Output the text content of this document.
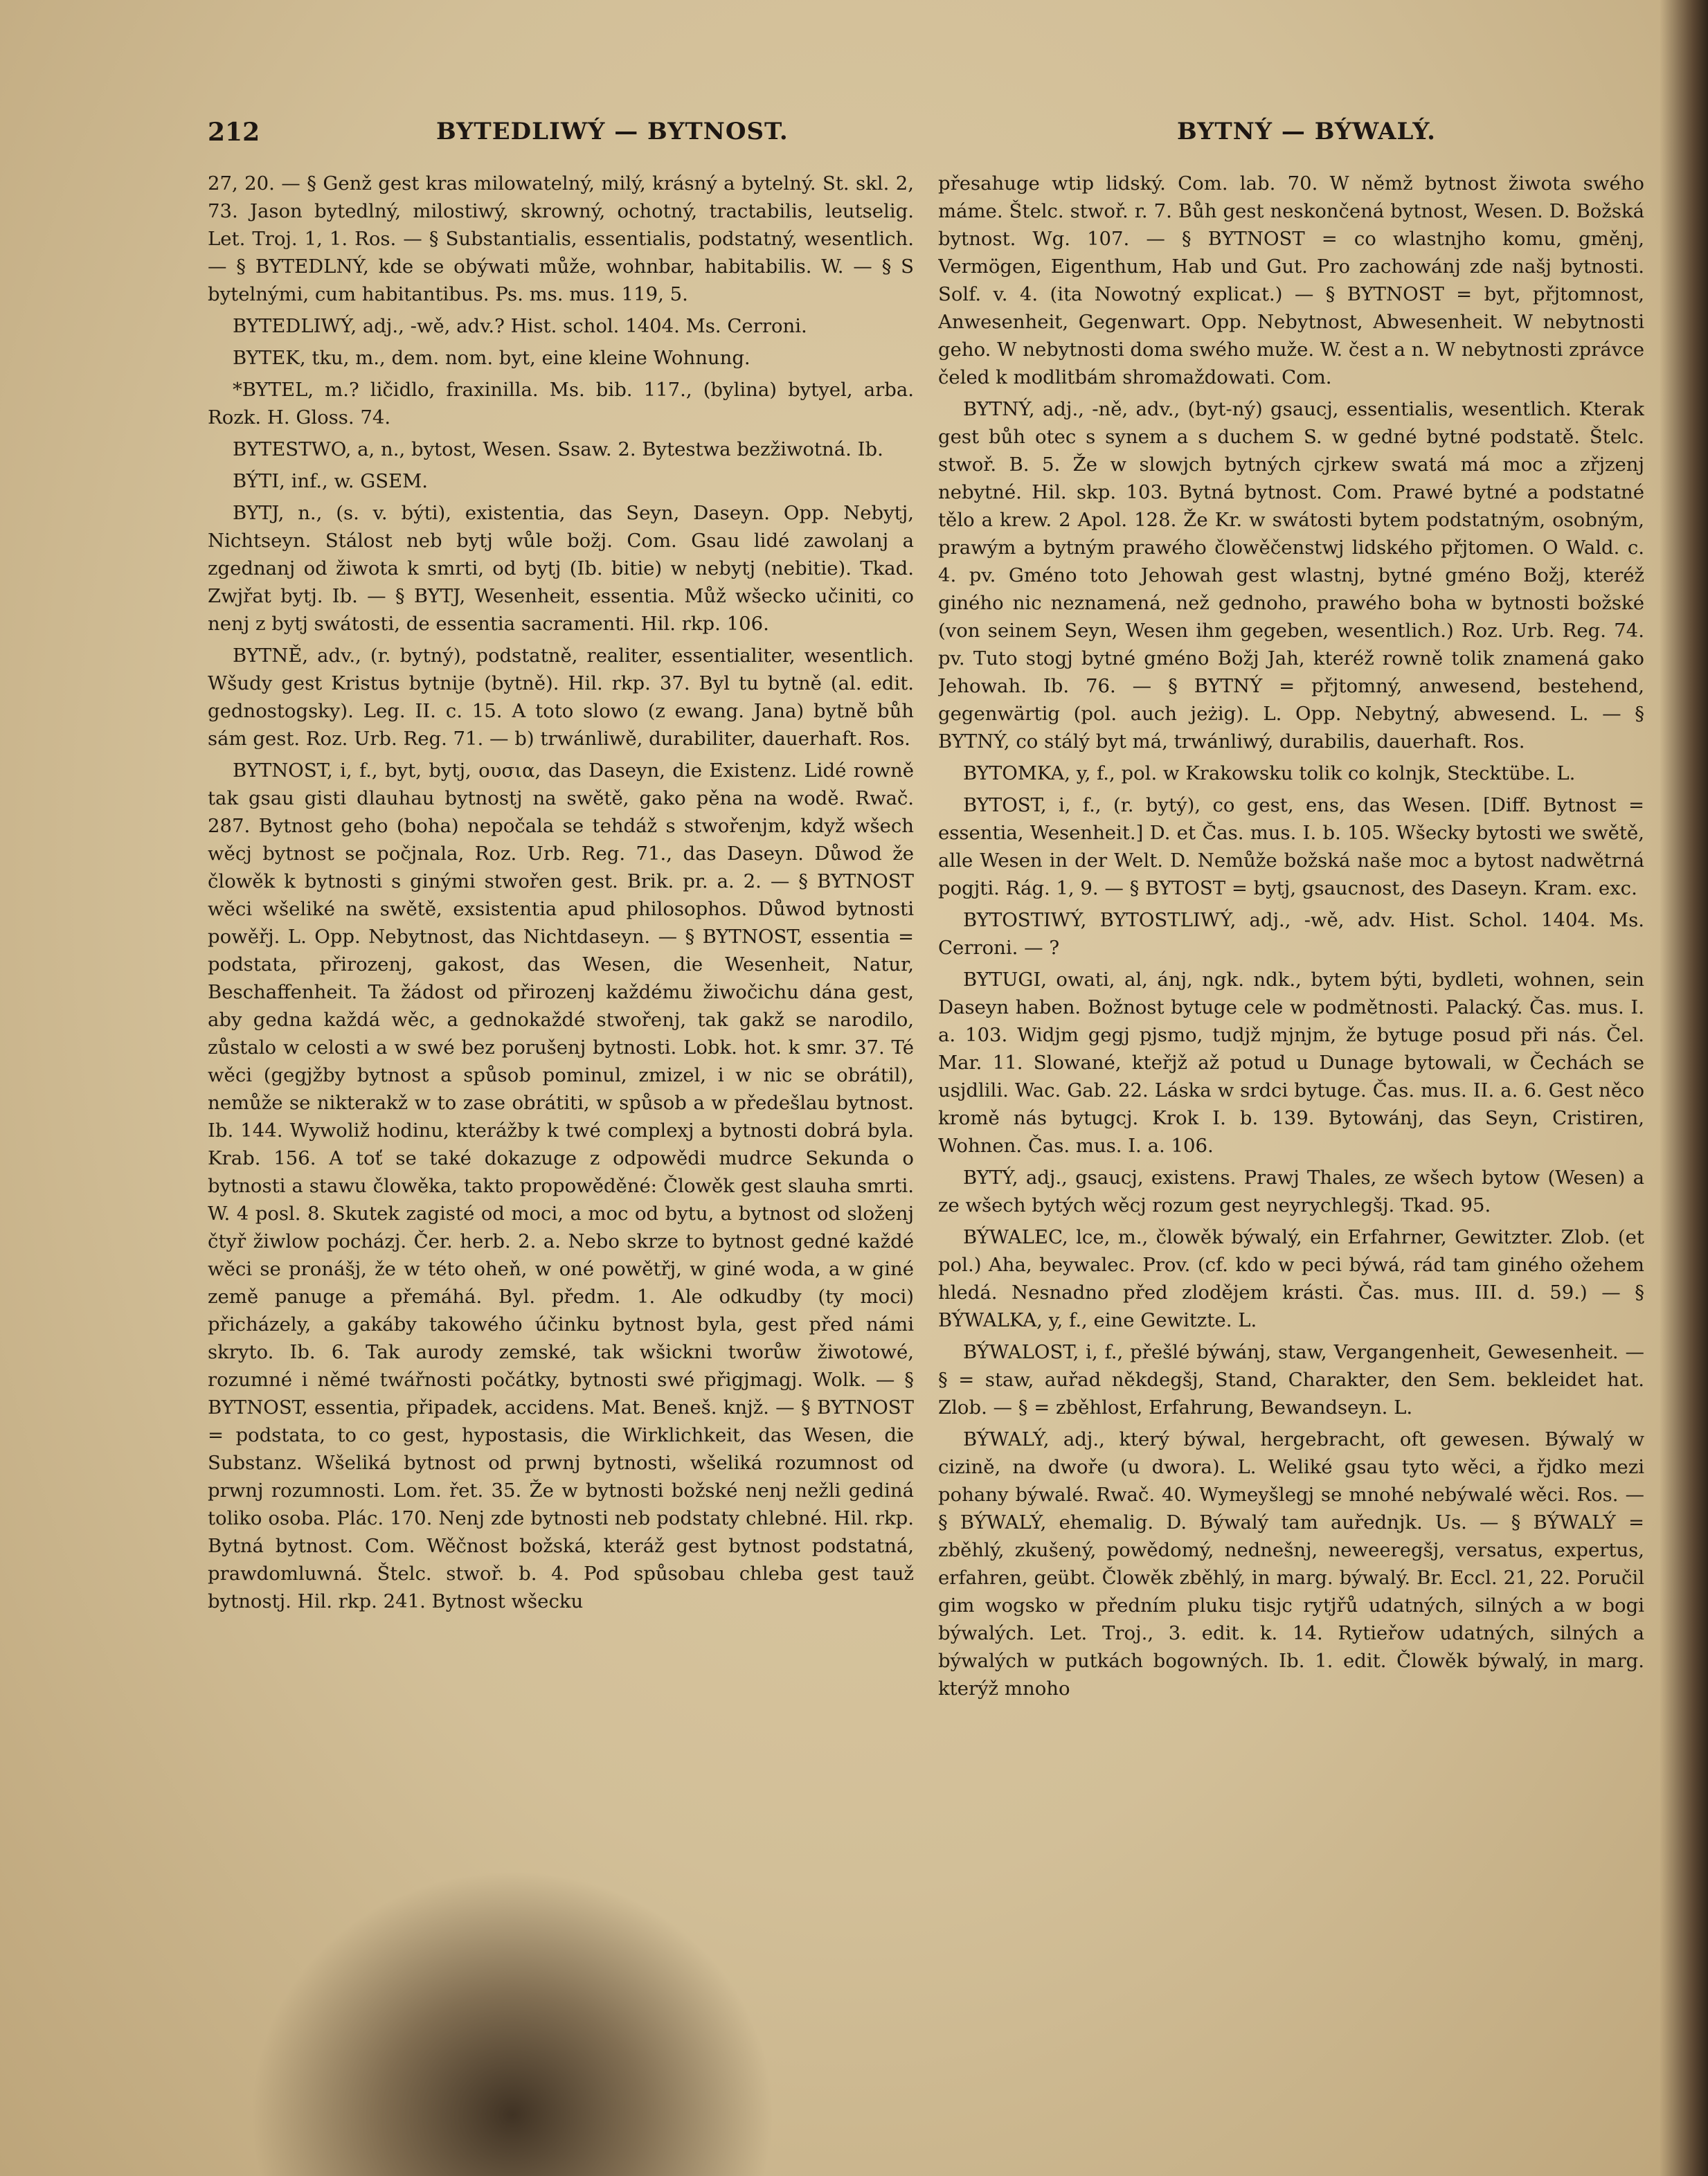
212	BYTEDLIWÝ — BYTNOST.	BYTNÝ — BÝWALÝ.

27, 20. — § Genž gest kras milowatelný, milý, krásný a bytelný. St. skl. 2, 73. Jason bytedlný, milostiwý, skrowný, ochotný, tractabilis, leutselig. Let. Troj. 1, 1. Ros. — § Substantialis, essentialis, podstatný, wesentlich. — § BYTEDLNÝ, kde se obýwati může, wohnbar, habitabilis. W. — § S bytelnými, cum habitantibus. Ps. ms. mus. 119, 5.

BYTEDLIWÝ, adj., -wě, adv.? Hist. schol. 1404. Ms. Cerroni.

BYTEK, tku, m., dem. nom. byt, eine kleine Wohnung.

*BYTEL, m.? ličidlo, fraxinilla. Ms. bib. 117., (bylina) bytyel, arba. Rozk. H. Gloss. 74.

BYTESTWO, a, n., bytost, Wesen. Ssaw. 2. Bytestwa bezžiwotná. Ib.

BÝTI, inf., w. GSEM.

BYTJ, n., (s. v. býti), existentia, das Seyn, Daseyn. Opp. Nebytj, Nichtseyn. Stálost neb bytj wůle božj. Com. Gsau lidé zawolanj a zgednanj od žiwota k smrti, od bytj (Ib. bitie) w nebytj (nebitie). Tkad. Zwjřat bytj. Ib. — § BYTJ, Wesenheit, essentia. Můž wšecko učiniti, co nenj z bytj swátosti, de essentia sacramenti. Hil. rkp. 106.

BYTNĚ, adv., (r. bytný), podstatně, realiter, essentialiter, wesentlich. Wšudy gest Kristus bytnije (bytně). Hil. rkp. 37. Byl tu bytně (al. edit. gednostogsky). Leg. II. c. 15. A toto slowo (z ewang. Jana) bytně bůh sám gest. Roz. Urb. Reg. 71. — b) trwánliwě, durabiliter, dauerhaft. Ros.

BYTNOST, i, f., byt, bytj, ουσια, das Daseyn, die Existenz. Lidé rowně tak gsau gisti dlauhau bytnostj na swětě, gako pěna na wodě. Rwač. 287. Bytnost geho (boha) nepočala se tehdáž s stwořenjm, když wšech wěcj bytnost se počjnala, Roz. Urb. Reg. 71., das Daseyn. Důwod že člowěk k bytnosti s ginými stwořen gest. Brik. pr. a. 2. — § BYTNOST wěci wšeliké na swětě, exsistentia apud philosophos. Důwod bytnosti powěřj. L. Opp. Nebytnost, das Nichtdaseyn. — § BYTNOST, essentia = podstata, přirozenj, gakost, das Wesen, die Wesenheit, Natur, Beschaffenheit. Ta žádost od přirozenj každému žiwočichu dána gest, aby gedna každá wěc, a gednokaždé stwořenj, tak gakž se narodilo, zůstalo w celosti a w swé bez porušenj bytnosti. Lobk. hot. k smr. 37. Té wěci (gegjžby bytnost a spůsob pominul, zmizel, i w nic se obrátil), nemůže se nikterakž w to zase obrátiti, w spůsob a w předešlau bytnost. Ib. 144. Wywoliž hodinu, kterážby k twé complexj a bytnosti dobrá byla. Krab. 156. A toť se také dokazuge z odpowědi mudrce Sekunda o bytnosti a stawu člowěka, takto propowěděné: Člowěk gest slauha smrti. W. 4 posl. 8. Skutek zagisté od moci, a moc od bytu, a bytnost od složenj čtyř žiwlow pocházj. Čer. herb. 2. a. Nebo skrze to bytnost gedné každé wěci se pronášj, že w této oheň, w oné powětřj, w giné woda, a w giné země panuge a přemáhá. Byl. předm. 1. Ale odkudby (ty moci) přicházely, a gakáby takowého účinku bytnost byla, gest před námi skryto. Ib. 6. Tak aurody zemské, tak wšickni tworůw žiwotowé, rozumné i němé twářnosti počátky, bytnosti swé přigjmagj. Wolk. — § BYTNOST, essentia, připadek, accidens. Mat. Beneš. knjž. — § BYTNOST = podstata, to co gest, hypostasis, die Wirklichkeit, das Wesen, die Substanz. Wšeliká bytnost od prwnj bytnosti, wšeliká rozumnost od prwnj rozumnosti. Lom. řet. 35. Že w bytnosti božské nenj nežli gediná toliko osoba. Plác. 170. Nenj zde bytnosti neb podstaty chlebné. Hil. rkp. Bytná bytnost. Com. Wěčnost božská, kteráž gest bytnost podstatná, prawdomluwná. Štelc. stwoř. b. 4. Pod spůsobau chleba gest tauž bytnostj. Hil. rkp. 241. Bytnost wšecku

přesahuge wtip lidský. Com. lab. 70. W němž bytnost žiwota swého máme. Štelc. stwoř. r. 7. Bůh gest neskončená bytnost, Wesen. D. Božská bytnost. Wg. 107. — § BYTNOST = co wlastnjho komu, gměnj, Vermögen, Eigenthum, Hab und Gut. Pro zachowánj zde našj bytnosti. Solf. v. 4. (ita Nowotný explicat.) — § BYTNOST = byt, přjtomnost, Anwesenheit, Gegenwart. Opp. Nebytnost, Abwesenheit. W nebytnosti geho. W nebytnosti doma swého muže. W. čest a n. W nebytnosti zprávce čeled k modlitbám shromaždowati. Com.

BYTNÝ, adj., -ně, adv., (byt-ný) gsaucj, essentialis, wesentlich. Kterak gest bůh otec s synem a s duchem S. w gedné bytné podstatě. Štelc. stwoř. B. 5. Že w slowjch bytných cjrkew swatá má moc a zřjzenj nebytné. Hil. skp. 103. Bytná bytnost. Com. Prawé bytné a podstatné tělo a krew. 2 Apol. 128. Že Kr. w swátosti bytem podstatným, osobným, prawým a bytným prawého člowěčenstwj lidského přjtomen. O Wald. c. 4. pv. Gméno toto Jehowah gest wlastnj, bytné gméno Božj, kteréž giného nic neznamená, než gednoho, prawého boha w bytnosti božské (von seinem Seyn, Wesen ihm gegeben, wesentlich.) Roz. Urb. Reg. 74. pv. Tuto stogj bytné gméno Božj Jah, kteréž rowně tolik znamená gako Jehowah. Ib. 76. — § BYTNÝ = přjtomný, anwesend, bestehend, gegenwärtig (pol. auch jeżig). L. Opp. Nebytný, abwesend. L. — § BYTNÝ, co stálý byt má, trwánliwý, durabilis, dauerhaft. Ros.

BYTOMKA, y, f., pol. w Krakowsku tolik co kolnjk, Stecktübe. L.

BYTOST, i, f., (r. bytý), co gest, ens, das Wesen. [Diff. Bytnost = essentia, Wesenheit.] D. et Čas. mus. I. b. 105. Wšecky bytosti we swětě, alle Wesen in der Welt. D. Nemůže božská naše moc a bytost nadwětrná pogjti. Rág. 1, 9. — § BYTOST = bytj, gsaucnost, des Daseyn. Kram. exc.

BYTOSTIWÝ, BYTOSTLIWÝ, adj., -wě, adv. Hist. Schol. 1404. Ms. Cerroni. — ?

BYTUGI, owati, al, ánj, ngk. ndk., bytem býti, bydleti, wohnen, sein Daseyn haben. Božnost bytuge cele w podmětnosti. Palacký. Čas. mus. I. a. 103. Widjm gegj pjsmo, tudjž mjnjm, že bytuge posud při nás. Čel. Mar. 11. Slowané, kteřjž až potud u Dunage bytowali, w Čechách se usjdlili. Wac. Gab. 22. Láska w srdci bytuge. Čas. mus. II. a. 6. Gest něco kromě nás bytugcj. Krok I. b. 139. Bytowánj, das Seyn, Cristiren, Wohnen. Čas. mus. I. a. 106.

BYTÝ, adj., gsaucj, existens. Prawj Thales, ze wšech bytow (Wesen) a ze wšech bytých wěcj rozum gest neyrychlegšj. Tkad. 95.

BÝWALEC, lce, m., člowěk býwalý, ein Erfahrner, Gewitzter. Zlob. (et pol.) Aha, beywalec. Prov. (cf. kdo w peci býwá, rád tam giného ožehem hledá. Nesnadno před zlodějem krásti. Čas. mus. III. d. 59.) — § BÝWALKA, y, f., eine Gewitzte. L.

BÝWALOST, i, f., přešlé býwánj, staw, Vergangenheit, Gewesenheit. — § = staw, auřad někdegšj, Stand, Charakter, den Sem. bekleidet hat. Zlob. — § = zběhlost, Erfahrung, Bewandseyn. L.

BÝWALÝ, adj., který býwal, hergebracht, oft gewesen. Býwalý w cizině, na dwoře (u dwora). L. Weliké gsau tyto wěci, a řjdko mezi pohany býwalé. Rwač. 40. Wymeyšlegj se mnohé nebýwalé wěci. Ros. — § BÝWALÝ, ehemalig. D. Býwalý tam auřednjk. Us. — § BÝWALÝ = zběhlý, zkušený, powědomý, nednešnj, neweeregšj, versatus, expertus, erfahren, geübt. Člowěk zběhlý, in marg. býwalý. Br. Eccl. 21, 22. Poručil gim wogsko w předním pluku tisjc rytjřů udatných, silných a w bogi býwalých. Let. Troj., 3. edit. k. 14. Rytieřow udatných, silných a býwalých w putkách bogowných. Ib. 1. edit. Člowěk býwalý, in marg. kterýž mnoho
